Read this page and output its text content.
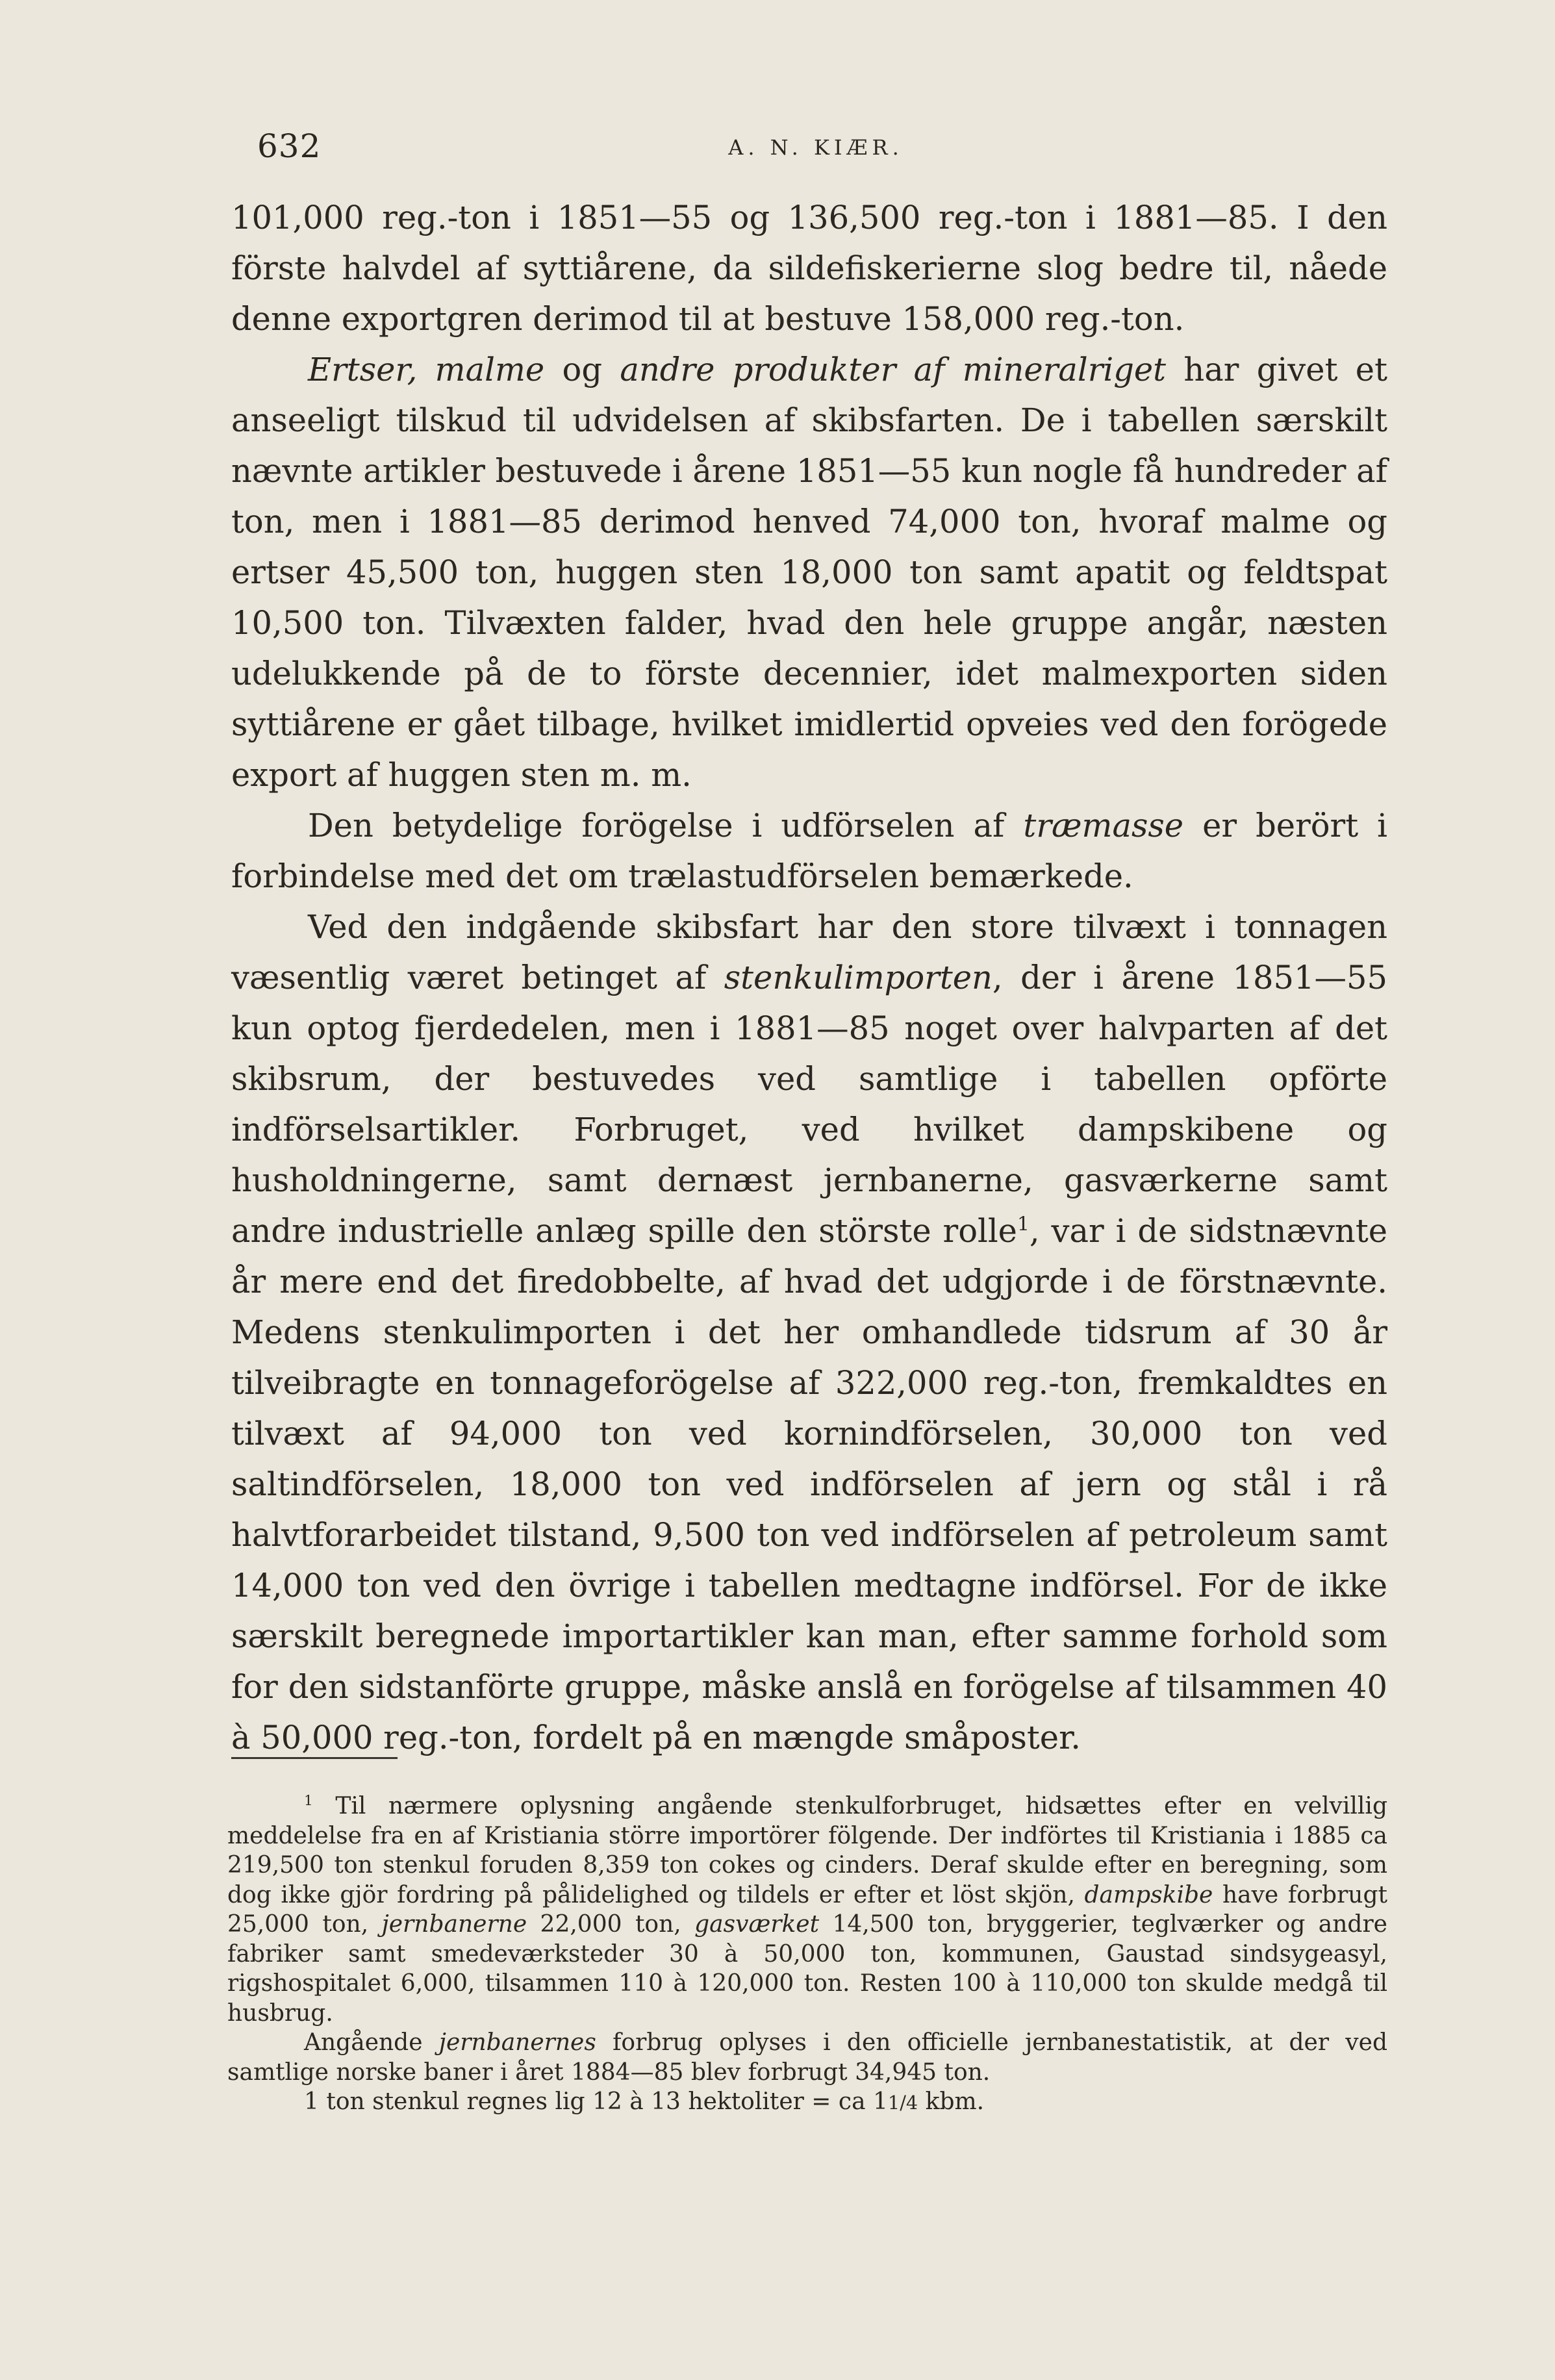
632	A. N. KIÆR.

101,000 reg.-ton i 1851—55 og 136,500 reg.-ton i 1881—85. I den förste halvdel af syttiårene, da sildefiskerierne slog bedre til, nåede denne exportgren derimod til at bestuve 158,000 reg.-ton.

Ertser, malme og andre produkter af mineralriget har givet et anseeligt tilskud til udvidelsen af skibsfarten. De i tabellen særskilt nævnte artikler bestuvede i årene 1851—55 kun nogle få hundreder af ton, men i 1881—85 derimod henved 74,000 ton, hvoraf malme og ertser 45,500 ton, huggen sten 18,000 ton samt apatit og feldtspat 10,500 ton. Tilvæxten falder, hvad den hele gruppe angår, næsten udelukkende på de to förste decennier, idet malmexporten siden syttiårene er gået tilbage, hvilket imidlertid opveies ved den forögede export af huggen sten m. m.

Den betydelige forögelse i udförselen af træmasse er berört i forbindelse med det om trælastudförselen bemærkede.

Ved den indgående skibsfart har den store tilvæxt i tonnagen væsentlig været betinget af stenkulimporten, der i årene 1851—55 kun optog fjerdedelen, men i 1881—85 noget over halvparten af det skibsrum, der bestuvedes ved samtlige i tabellen opförte indförselsartikler. Forbruget, ved hvilket dampskibene og husholdningerne, samt dernæst jernbanerne, gasværkerne samt andre industrielle anlæg spille den störste rolle$^1$, var i de sidstnævnte år mere end det firedobbelte, af hvad det udgjorde i de förstnævnte. Medens stenkulimporten i det her omhandlede tidsrum af 30 år tilveibragte en tonnageforögelse af 322,000 reg.-ton, fremkaldtes en tilvæxt af 94,000 ton ved kornindförselen, 30,000 ton ved saltindförselen, 18,000 ton ved indförselen af jern og stål i rå halvtforarbeidet tilstand, 9,500 ton ved indförselen af petroleum samt 14,000 ton ved den övrige i tabellen medtagne indförsel. For de ikke særskilt beregnede importartikler kan man, efter samme forhold som for den sidstanförte gruppe, måske anslå en forögelse af tilsammen 40 à 50,000 reg.-ton, fordelt på en mængde småposter.

$^1$ Til nærmere oplysning angående stenkulforbruget, hidsættes efter en velvillig meddelelse fra en af Kristiania större importörer fölgende. Der indförtes til Kristiania i 1885 ca 219,500 ton stenkul foruden 8,359 ton cokes og cinders. Deraf skulde efter en beregning, som dog ikke gjör fordring på pålidelighed og tildels er efter et löst skjön, dampskibe have forbrugt 25,000 ton, jernbanerne 22,000 ton, gasværket 14,500 ton, bryggerier, teglværker og andre fabriker samt smedeværksteder 30 à 50,000 ton, kommunen, Gaustad sindsygeasyl, rigshospitalet 6,000, tilsammen 110 à 120,000 ton. Resten 100 à 110,000 ton skulde medgå til husbrug.

Angående jernbanernes forbrug oplyses i den officielle jernbanestatistik, at der ved samtlige norske baner i året 1884—85 blev forbrugt 34,945 ton.

1 ton stenkul regnes lig 12 à 13 hektoliter = ca 11/4 kbm.
